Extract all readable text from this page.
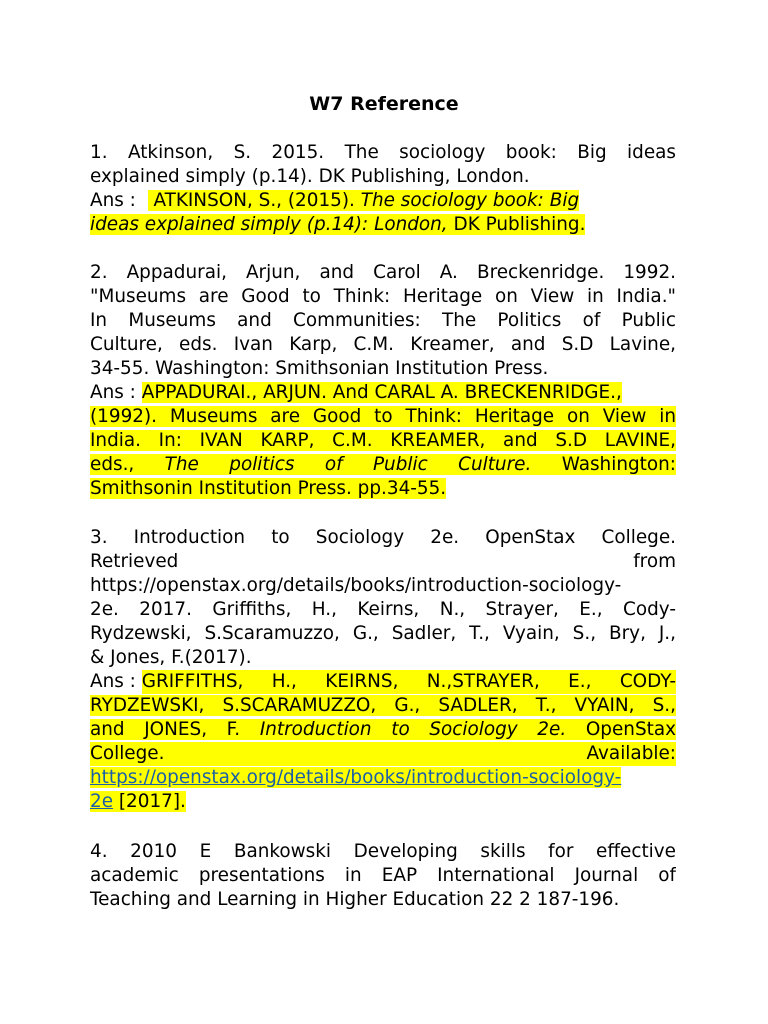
W7 Reference
1. Atkinson, S. 2015. The sociology book: Big ideas
explained simply (p.14). DK Publishing, London.
Ans : ATKINSON, S., (2015). The sociology book: Big
ideas explained simply (p.14): London, DK Publishing.
2. Appadurai, Arjun, and Carol A. Breckenridge. 1992.
"Museums are Good to Think: Heritage on View in India."
In Museums and Communities: The Politics of Public
Culture, eds. Ivan Karp, C.M. Kreamer, and S.D Lavine,
34-55. Washington: Smithsonian Institution Press.
Ans : APPADURAI., ARJUN. And CARAL A. BRECKENRIDGE.,
(1992). Museums are Good to Think: Heritage on View in
India. In: IVAN KARP, C.M. KREAMER, and S.D LAVINE,
eds., The politics of Public Culture. Washington:
Smithsonin Institution Press. pp.34-55.
3. Introduction to Sociology 2e. OpenStax College.
Retrieved	from
https://openstax.org/details/books/introduction-sociology-
2e. 2017. Griffiths, H., Keirns, N., Strayer, E., Cody-
Rydzewski, S.Scaramuzzo, G., Sadler, T., Vyain, S., Bry, J.,
& Jones, F.(2017).
Ans :
GRIFFITHS, H., KEIRNS, N.,STRAYER, E., CODY-
RYDZEWSKI, S.SCARAMUZZO, G., SADLER, T., VYAIN, S.,
and JONES, F. Introduction to Sociology 2e. OpenStax
College.	Available:
https://openstax.org/details/books/introduction-sociology-
2e [2017].
4. 2010 E Bankowski Developing skills for effective
academic presentations in EAP International Journal of
Teaching and Learning in Higher Education 22 2 187-196.
